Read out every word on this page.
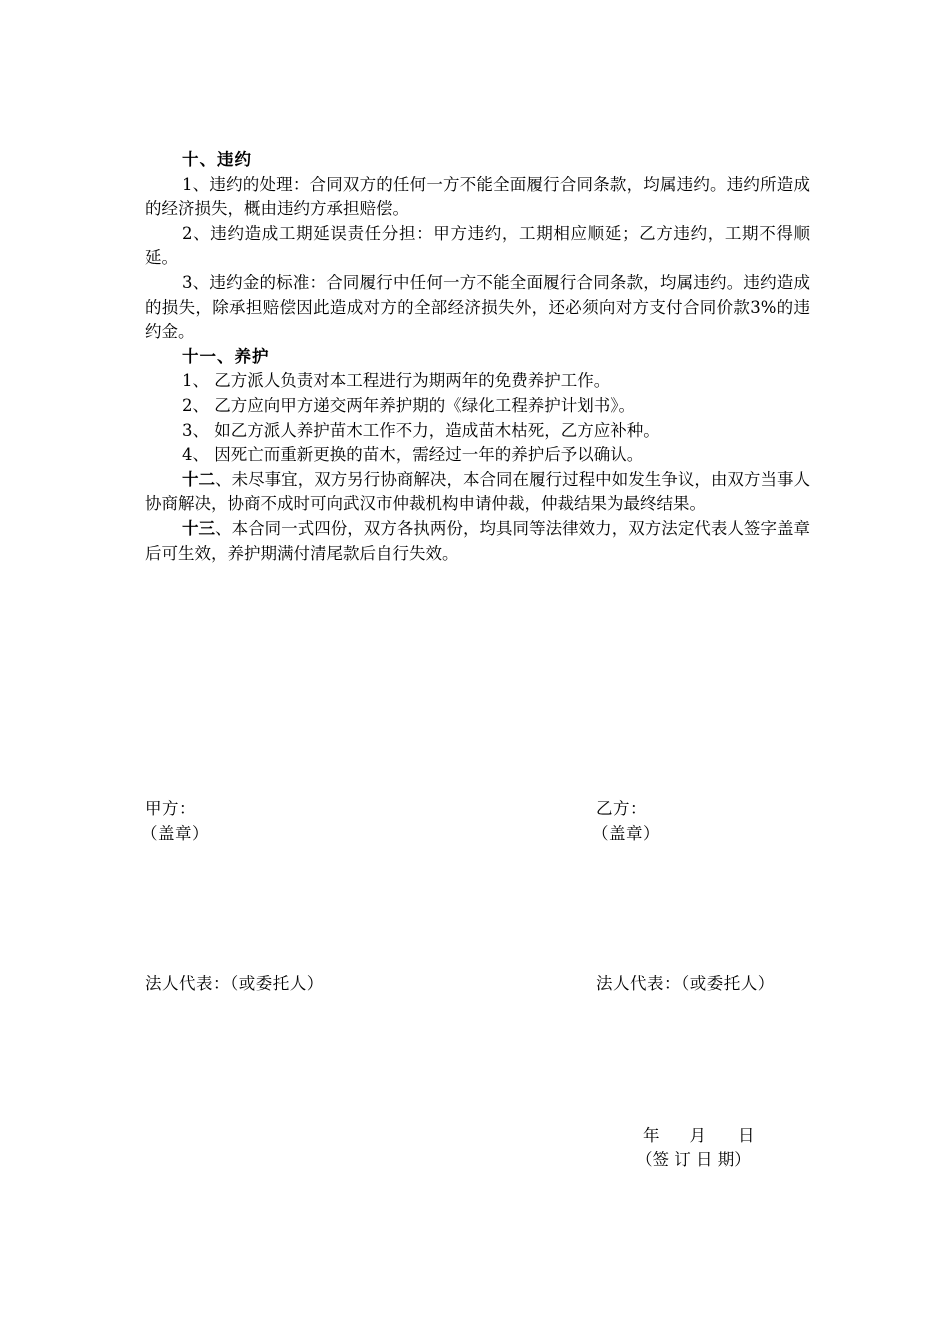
十、违约

1、违约的处理：合同双方的任何一方不能全面履行合同条款，均属违约。违约所造成的经济损失，概由违约方承担赔偿。

2、违约造成工期延误责任分担：甲方违约，工期相应顺延；乙方违约，工期不得顺延。

3、违约金的标准：合同履行中任何一方不能全面履行合同条款，均属违约。违约造成的损失，除承担赔偿因此造成对方的全部经济损失外，还必须向对方支付合同价款3%的违约金。

十一、养护

1、 乙方派人负责对本工程进行为期两年的免费养护工作。

2、 乙方应向甲方递交两年养护期的《绿化工程养护计划书》。

3、 如乙方派人养护苗木工作不力，造成苗木枯死，乙方应补种。

4、 因死亡而重新更换的苗木，需经过一年的养护后予以确认。

十二、未尽事宜，双方另行协商解决，本合同在履行过程中如发生争议，由双方当事人协商解决，协商不成时可向武汉市仲裁机构申请仲裁，仲裁结果为最终结果。

十三、本合同一式四份，双方各执两份，均具同等法律效力，双方法定代表人签字盖章后可生效，养护期满付清尾款后自行失效。

甲方：
（盖章）
乙方：
（盖章）
法人代表：（或委托人）	法人代表：（或委托人）
年 月 日
（签 订 日 期）
